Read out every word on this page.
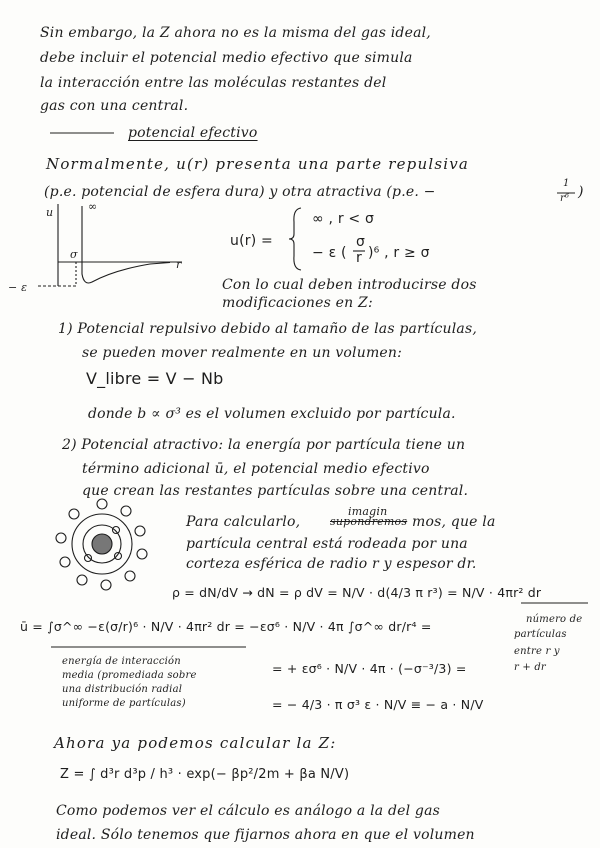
Sin embargo, la Z ahora no es la misma del gas ideal,
debe incluir el potencial medio efectivo que simula
la interacción entre las moléculas restantes del
gas con una central.
potencial efectivo
Normalmente, u(r) presenta una parte repulsiva
(p.e. potencial de esfera dura) y otra atractiva (p.e. −
1
r⁶ )
u	∞
σ
r
− ε
u(r) =
∞ , r < σ
− ε (
σ
r )⁶ , r ≥ σ
Con lo cual deben introducirse dos
modificaciones en Z:
1) Potencial repulsivo debido al tamaño de las partículas,
se pueden mover realmente en un volumen:
V_libre = V − Nb
donde b ∝ σ³ es el volumen excluido por partícula.
2) Potencial atractivo: la energía por partícula tiene un
término adicional ū, el potencial medio efectivo
que crean las restantes partículas sobre una central.
imagin
Para calcularlo,	supondremos mos, que la
partícula central está rodeada por una
corteza esférica de radio r y espesor dr.
ρ = dN/dV → dN = ρ dV = N/V · d(4/3 π r³) = N/V · 4πr² dr
número de
partículas
entre r y
r + dr
ū = ∫σ^∞ −ε(σ/r)⁶ · N/V · 4πr² dr = −εσ⁶ · N/V · 4π ∫σ^∞ dr/r⁴ =
= + εσ⁶ · N/V · 4π · (−σ⁻³/3) =
= − 4/3 · π σ³ ε · N/V ≡ − a · N/V
energía de interacción
media (promediada sobre
una distribución radial
uniforme de partículas)
Ahora ya podemos calcular la Z:
Z = ∫ d³r d³p / h³ · exp(− βp²/2m + βa N/V)
Como podemos ver el cálculo es análogo a la del gas
ideal. Sólo tenemos que fijarnos ahora en que el volumen
